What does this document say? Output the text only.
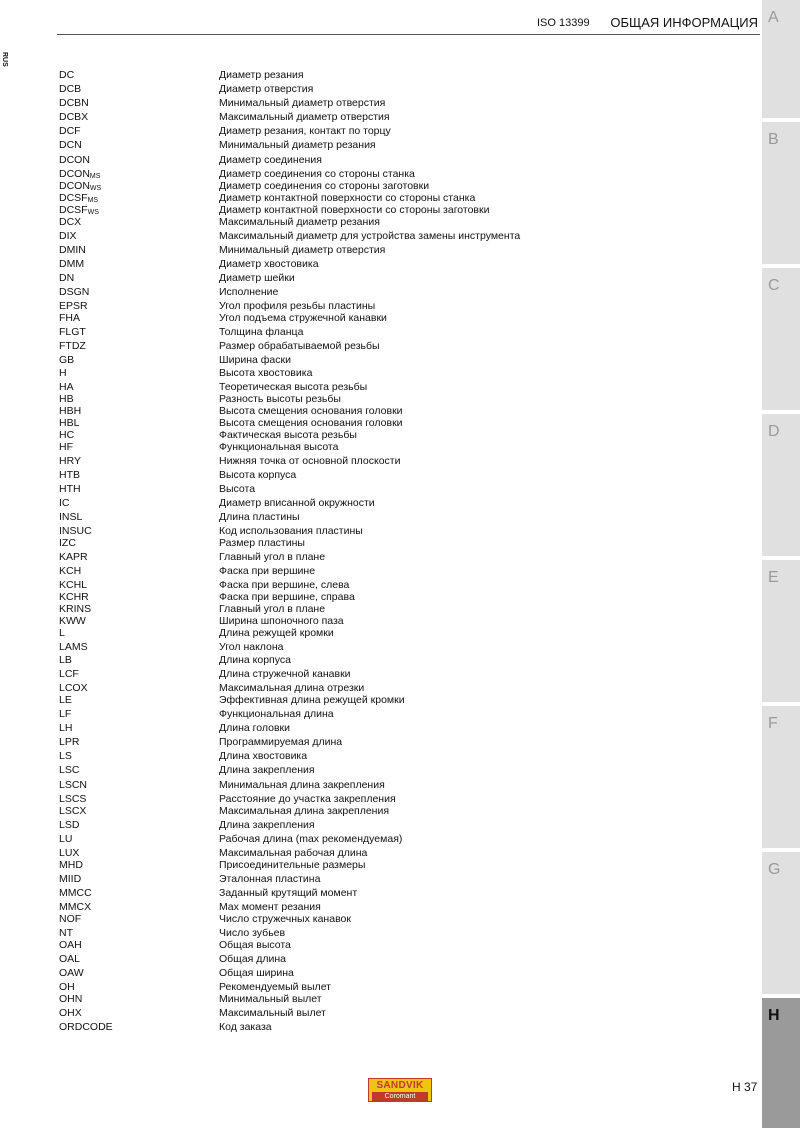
ISO 13399 ОБЩАЯ ИНФОРМАЦИЯ
RUS
A
B
C
D
E
F
G
H
DC	Диаметр резания
DCB	Диаметр отверстия
DCBN	Минимальный диаметр отверстия
DCBX	Максимальный диаметр отверстия
DCF	Диаметр резания, контакт по торцу
DCN	Минимальный диаметр резания
DCON	Диаметр соединения
$DCON_{MS}$	Диаметр соединения со стороны станка
$DCON_{WS}$	Диаметр соединения со стороны заготовки
$DCSF_{MS}$	Диаметр контактной поверхности со стороны станка
$DCSF_{WS}$	Диаметр контактной поверхности со стороны заготовки
DCX	Максимальный диаметр резания
DIX	Максимальный диаметр для устройства замены инструмента
DMIN	Минимальный диаметр отверстия
DMM	Диаметр хвостовика
DN	Диаметр шейки
DSGN	Исполнение
EPSR	Угол профиля резьбы пластины
FHA	Угол подъема стружечной канавки
FLGT	Толщина фланца
FTDZ	Размер обрабатываемой резьбы
GB	Ширина фаски
H	Высота хвостовика
HA	Теоретическая высота резьбы
HB	Разность высоты резьбы
HBH	Высота смещения основания головки
HBL	Высота смещения основания головки
HC	Фактическая высота резьбы
HF	Функциональная высота
HRY	Нижняя точка от основной плоскости
HTB	Высота корпуса
HTH	Высота
IC	Диаметр вписанной окружности
INSL	Длина пластины
INSUC	Код использования пластины
IZC	Размер пластины
KAPR	Главный угол в плане
KCH	Фаска при вершине
KCHL	Фаска при вершине, слева
KCHR	Фаска при вершине, справа
KRINS	Главный угол в плане
KWW	Ширина шпоночного паза
L	Длина режущей кромки
LAMS	Угол наклона
LB	Длина корпуса
LCF	Длина стружечной канавки
LCOX	Максимальная длина отрезки
LE	Эффективная длина режущей кромки
LF	Функциональная длина
LH	Длина головки
LPR	Программируемая длина
LS	Длина хвостовика
LSC	Длина закрепления
LSCN	Минимальная длина закрепления
LSCS	Расстояние до участка закрепления
LSCX	Максимальная длина закрепления
LSD	Длина закрепления
LU	Рабочая длина (max рекомендуемая)
LUX	Максимальная рабочая длина
MHD	Присоединительные размеры
MIID	Эталонная пластина
MMCC	Заданный крутящий момент
MMCX	Max момент резания
NOF	Число стружечных канавок
NT	Число зубьев
OAH	Общая высота
OAL	Общая длина
OAW	Общая ширина
OH	Рекомендуемый вылет
OHN	Минимальный вылет
OHX	Максимальный вылет
ORDCODE	Код заказа
SANDVIK
Coromant
H 37
